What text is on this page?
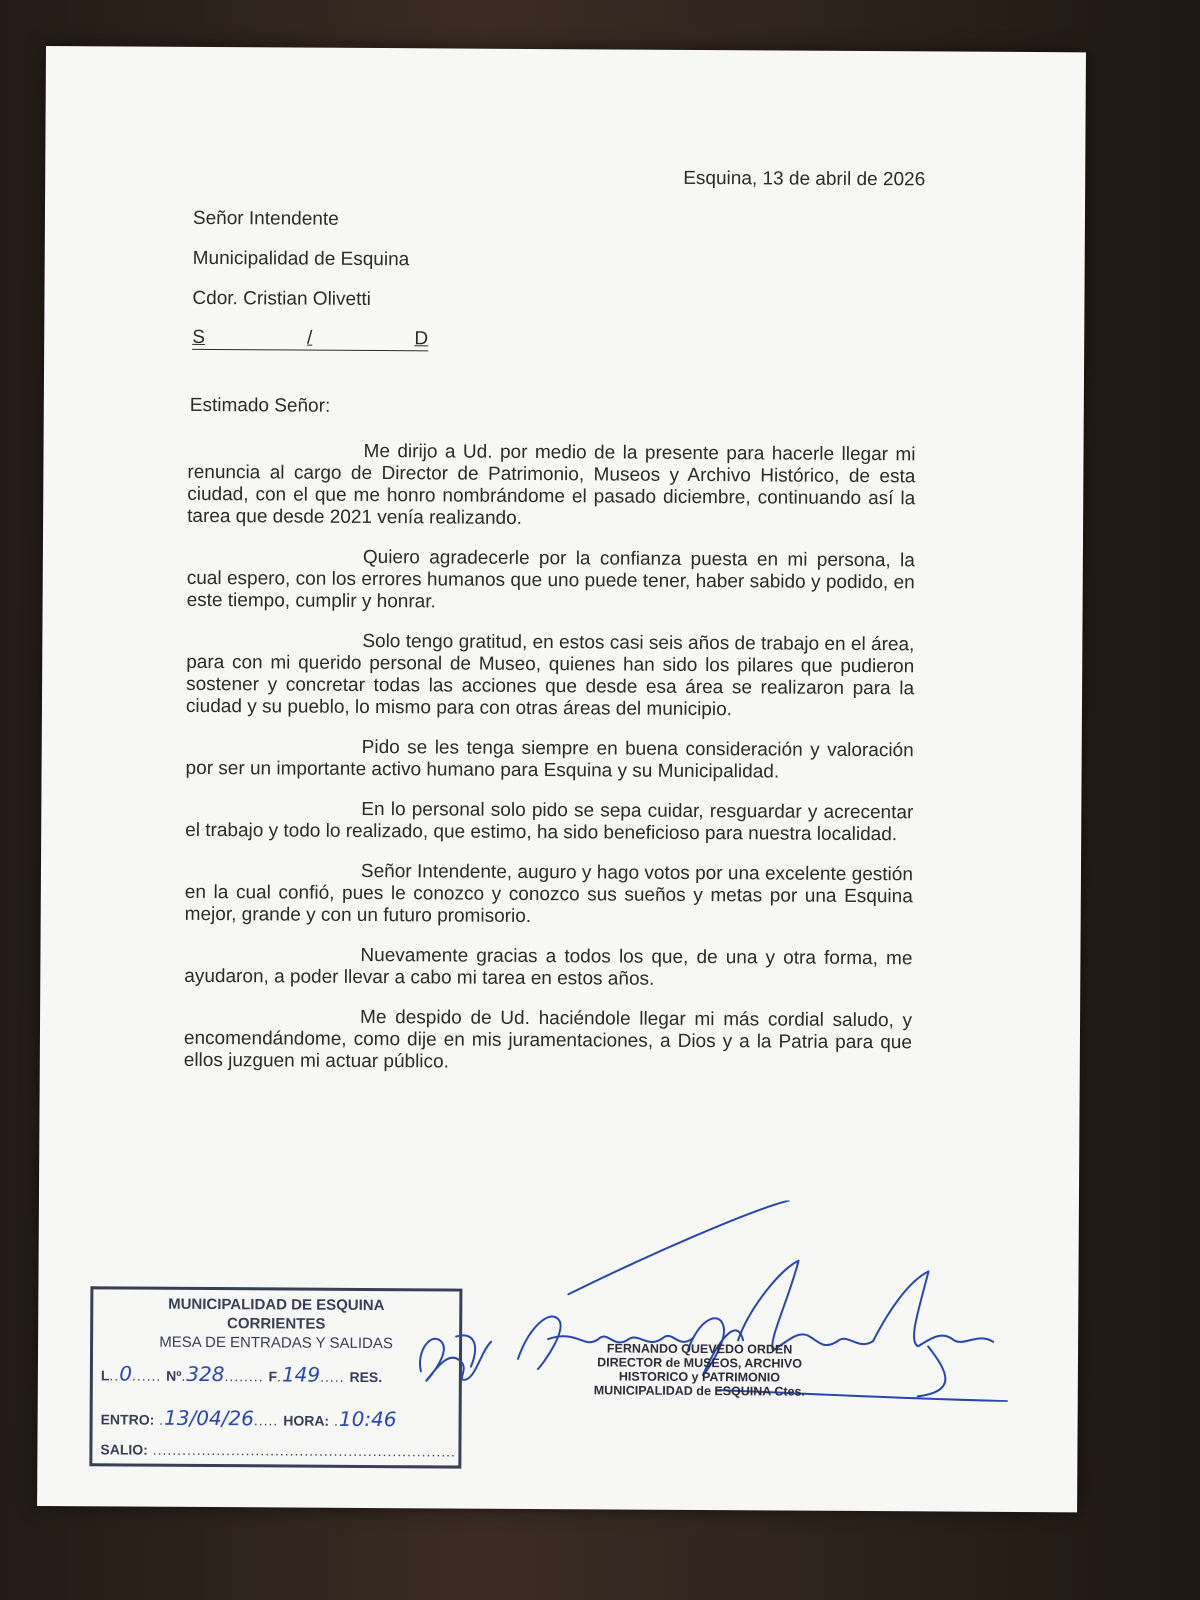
Esquina, 13 de abril de 2026
Señor Intendente
Municipalidad de Esquina
Cdor. Cristian Olivetti
S	/	D
Estimado Señor:

Me dirijo a Ud. por medio de la presente para hacerle llegar mi renuncia al cargo de Director de Patrimonio, Museos y Archivo Histórico, de esta ciudad, con el que me honro nombrándome el pasado diciembre, continuando así la tarea que desde 2021 venía realizando.

Quiero agradecerle por la confianza puesta en mi persona, la cual espero, con los errores humanos que uno puede tener, haber sabido y podido, en este tiempo, cumplir y honrar.

Solo tengo gratitud, en estos casi seis años de trabajo en el área, para con mi querido personal de Museo, quienes han sido los pilares que pudieron sostener y concretar todas las acciones que desde esa área se realizaron para la ciudad y su pueblo, lo mismo para con otras áreas del municipio.

Pido se les tenga siempre en buena consideración y valoración por ser un importante activo humano para Esquina y su Municipalidad.

En lo personal solo pido se sepa cuidar, resguardar y acrecentar el trabajo y todo lo realizado, que estimo, ha sido beneficioso para nuestra localidad.

Señor Intendente, auguro y hago votos por una excelente gestión en la cual confió, pues le conozco y conozco sus sueños y metas por una Esquina mejor, grande y con un futuro promisorio.

Nuevamente gracias a todos los que, de una y otra forma, me ayudaron, a poder llevar a cabo mi tarea en estos años.

Me despido de Ud. haciéndole llegar mi más cordial saludo, y encomendándome, como dije en mis juramentaciones, a Dios y a la Patria para que ellos juzguen mi actuar público.

FERNANDO QUEVEDO ORDEN
DIRECTOR de MUSEOS, ARCHIVO
HISTORICO y PATRIMONIO
MUNICIPALIDAD de ESQUINA Ctes.
MUNICIPALIDAD DE ESQUINA
CORRIENTES
MESA DE ENTRADAS Y SALIDAS
L..0...... Nº.328........ F.149..... RES.
ENTRO: .13/04/26..... HORA: .10:46
SALIO: ..............................................................
